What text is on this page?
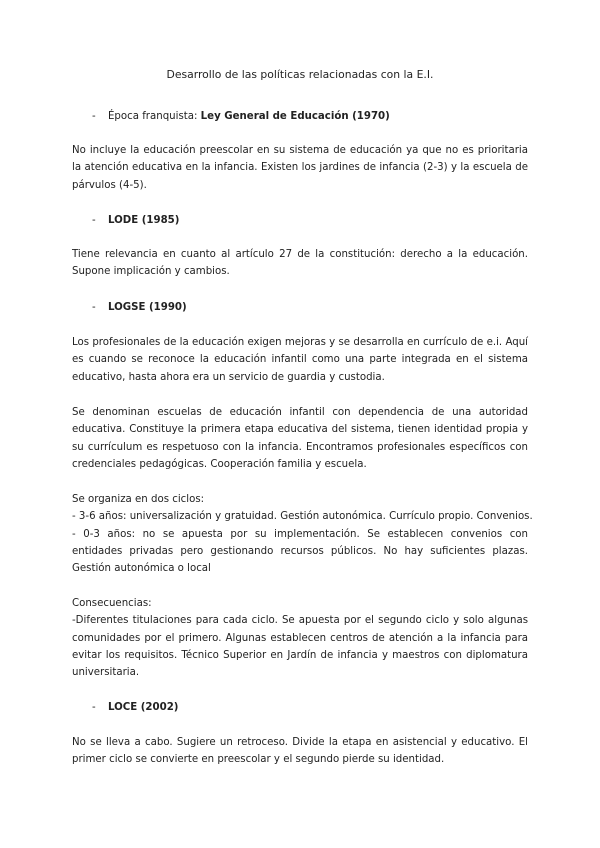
Desarrollo de las políticas relacionadas con la E.I.
- Época franquista: Ley General de Educación (1970)
No incluye la educación preescolar en su sistema de educación ya que no es prioritaria la atención educativa en la infancia. Existen los jardines de infancia (2-3) y la escuela de párvulos (4-5).
- LODE (1985)
Tiene relevancia en cuanto al artículo 27 de la constitución: derecho a la educación. Supone implicación y cambios.
- LOGSE (1990)
Los profesionales de la educación exigen mejoras y se desarrolla en currículo de e.i. Aquí es cuando se reconoce la educación infantil como una parte integrada en el sistema educativo, hasta ahora era un servicio de guardia y custodia.
Se denominan escuelas de educación infantil con dependencia de una autoridad educativa. Constituye la primera etapa educativa del sistema, tienen identidad propia y su currículum es respetuoso con la infancia. Encontramos profesionales específicos con credenciales pedagógicas. Cooperación familia y escuela.
Se organiza en dos ciclos:
- 3-6 años: universalización y gratuidad. Gestión autonómica. Currículo propio. Convenios.
- 0-3 años: no se apuesta por su implementación. Se establecen convenios con entidades privadas pero gestionando recursos públicos. No hay suficientes plazas. Gestión autonómica o local
Consecuencias:
-Diferentes titulaciones para cada ciclo. Se apuesta por el segundo ciclo y solo algunas comunidades por el primero. Algunas establecen centros de atención a la infancia para evitar los requisitos. Técnico Superior en Jardín de infancia y maestros con diplomatura universitaria.
- LOCE (2002)
No se lleva a cabo. Sugiere un retroceso. Divide la etapa en asistencial y educativo. El primer ciclo se convierte en preescolar y el segundo pierde su identidad.
